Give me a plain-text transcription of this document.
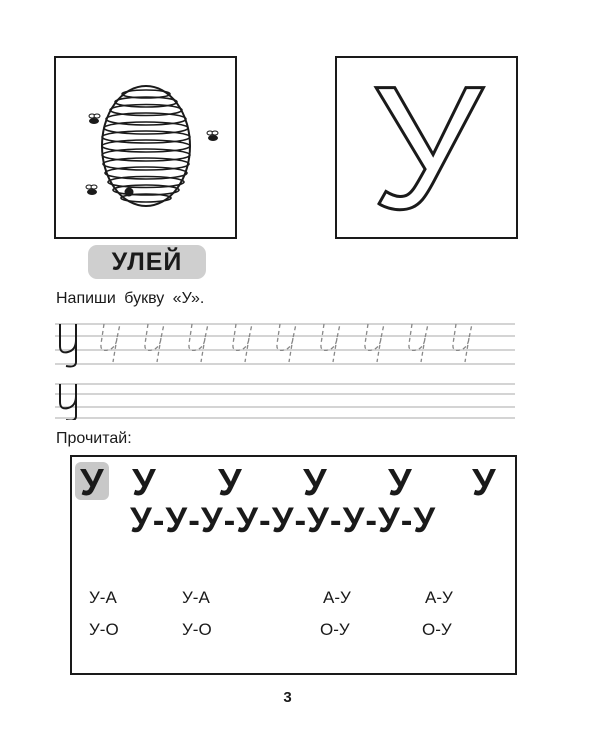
У
УЛЕЙ
Напиши букву «У».
Прочитай:
У У У У У У
У-У-У-У-У-У-У-У-У
У-А	У-А	А-У	А-У
У-О	У-О	О-У	О-У
3
